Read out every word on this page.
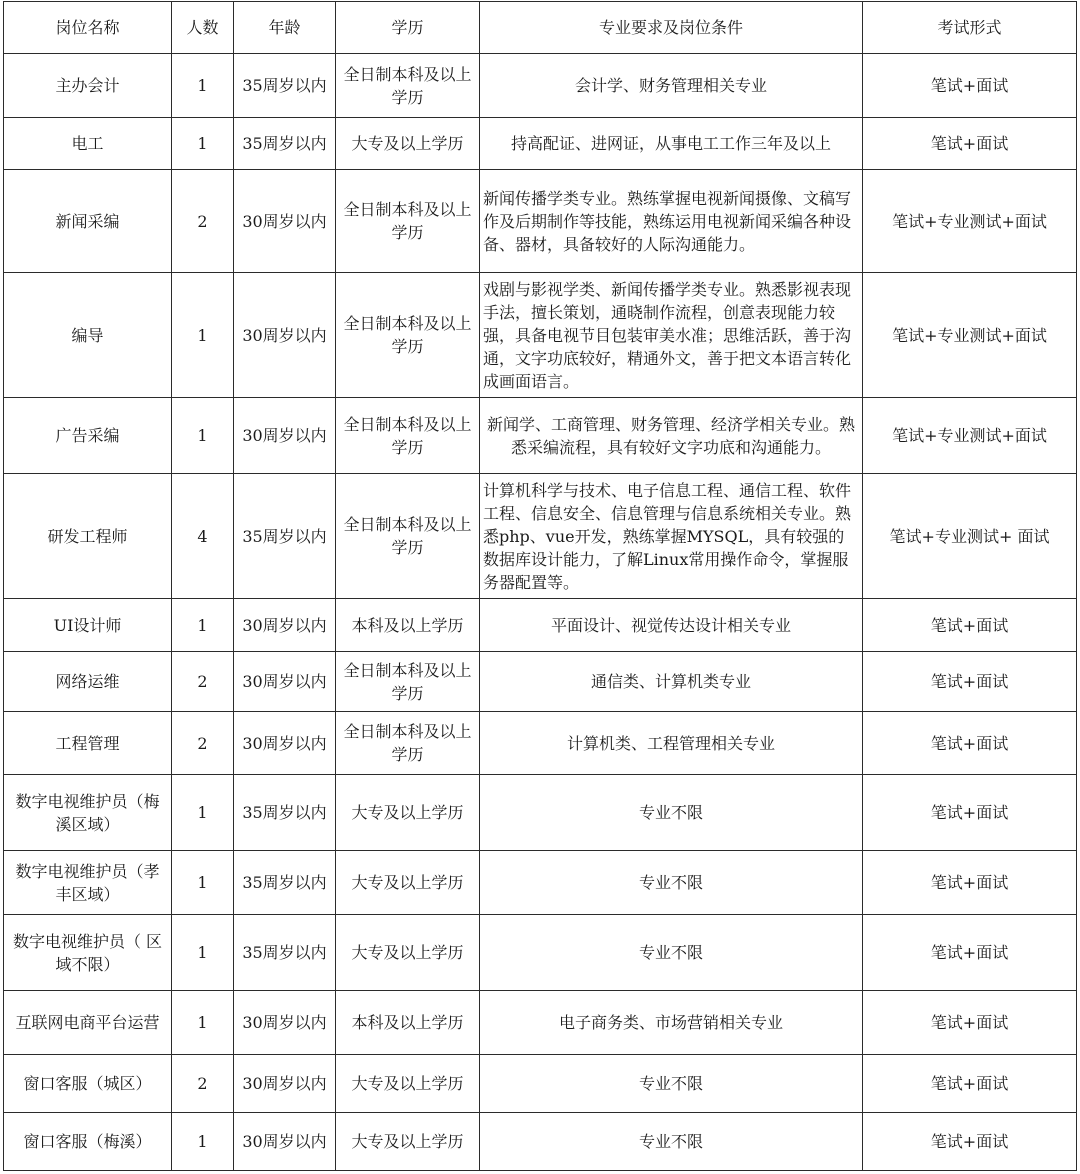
岗位名称	人数	年龄	学历	专业要求及岗位条件	考试形式
主办会计	1	35周岁以内	全日制本科及以上学历	会计学、财务管理相关专业	笔试+面试
电工	1	35周岁以内	大专及以上学历	持高配证、进网证，从事电工工作三年及以上	笔试+面试
新闻采编	2	30周岁以内	全日制本科及以上学历	新闻传播学类专业。熟练掌握电视新闻摄像、文稿写作及后期制作等技能，熟练运用电视新闻采编各种设备、器材，具备较好的人际沟通能力。	笔试+专业测试+面试
编导	1	30周岁以内	全日制本科及以上学历	戏剧与影视学类、新闻传播学类专业。熟悉影视表现手法，擅长策划，通晓制作流程，创意表现能力较强，具备电视节目包装审美水准；思维活跃，善于沟通，文字功底较好，精通外文，善于把文本语言转化成画面语言。	笔试+专业测试+面试
广告采编	1	30周岁以内	全日制本科及以上学历	新闻学、工商管理、财务管理、经济学相关专业。熟悉采编流程，具有较好文字功底和沟通能力。	笔试+专业测试+面试
研发工程师	4	35周岁以内	全日制本科及以上学历	计算机科学与技术、电子信息工程、通信工程、软件工程、信息安全、信息管理与信息系统相关专业。熟悉php、vue开发，熟练掌握MYSQL，具有较强的数据库设计能力，了解Linux常用操作命令，掌握服务器配置等。	笔试+专业测试+ 面试
UI设计师	1	30周岁以内	本科及以上学历	平面设计、视觉传达设计相关专业	笔试+面试
网络运维	2	30周岁以内	全日制本科及以上学历	通信类、计算机类专业	笔试+面试
工程管理	2	30周岁以内	全日制本科及以上学历	计算机类、工程管理相关专业	笔试+面试
数字电视维护员（梅溪区域）	1	35周岁以内	大专及以上学历	专业不限	笔试+面试
数字电视维护员（孝丰区域）	1	35周岁以内	大专及以上学历	专业不限	笔试+面试
数字电视维护员（ 区域不限）	1	35周岁以内	大专及以上学历	专业不限	笔试+面试
互联网电商平台运营	1	30周岁以内	本科及以上学历	电子商务类、市场营销相关专业	笔试+面试
窗口客服（城区）	2	30周岁以内	大专及以上学历	专业不限	笔试+面试
窗口客服（梅溪）	1	30周岁以内	大专及以上学历	专业不限	笔试+面试
